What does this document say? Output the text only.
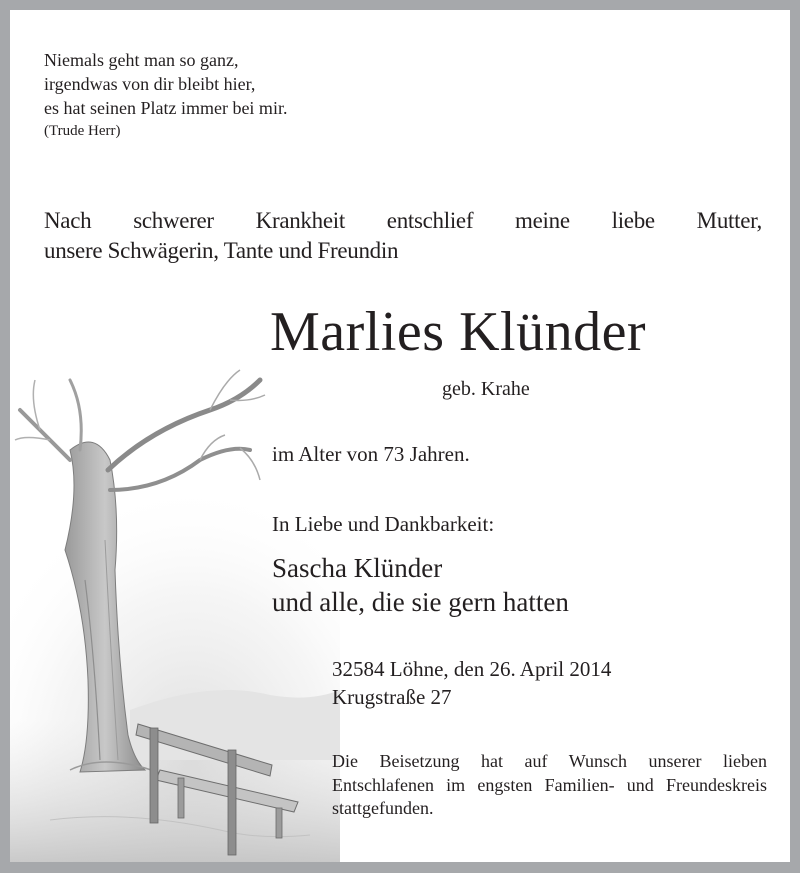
Niemals geht man so ganz,
irgendwas von dir bleibt hier,
es hat seinen Platz immer bei mir.
(Trude Herr)
Nach schwerer Krankheit entschlief meine liebe Mutter,
unsere Schwägerin, Tante und Freundin
Marlies Klünder
geb. Krahe
im Alter von 73 Jahren.
In Liebe und Dankbarkeit:
Sascha Klünder
und alle, die sie gern hatten
32584 Löhne, den 26. April 2014
Krugstraße 27
Die Beisetzung hat auf Wunsch unserer lieben Entschlafenen im engsten Familien- und Freundeskreis stattgefunden.
